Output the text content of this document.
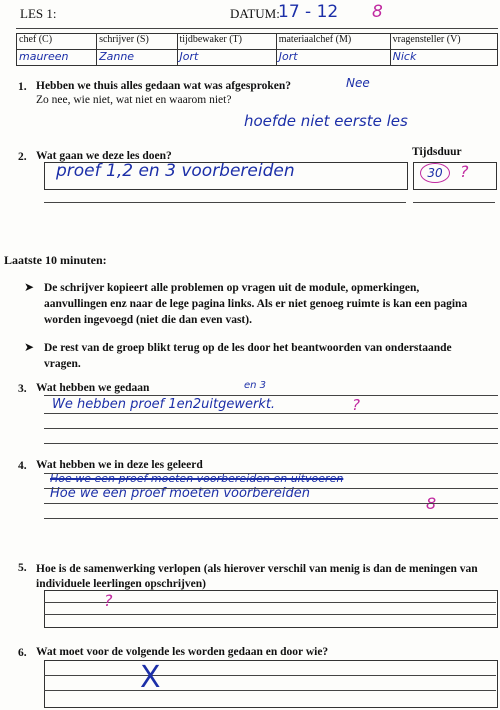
LES 1:	DATUM:
17 - 12 8
chef (C)	schrijver (S)	tijdbewaker (T)	materiaalchef (M)	vragensteller (V)
maureen	Zanne	Jort	Jort	Nick
1. Hebben we thuis alles gedaan wat was afgesproken?	Nee
Zo nee, wie niet, wat niet en waarom niet?
hoefde niet eerste les
2. Wat gaan we deze les doen?	Tijdsduur
proef 1,2 en 3 voorbereiden	30	?
Laatste 10 minuten:
➤ De schrijver kopieert alle problemen op vragen uit de module, opmerkingen, aanvullingen enz naar de lege pagina links. Als er niet genoeg ruimte is kan een pagina worden ingevoegd (niet die dan even vast).
➤ De rest van de groep blikt terug op de les door het beantwoorden van onderstaande vragen.
3. Wat hebben we gedaan	en 3
We hebben proef 1en2uitgewerkt.	?
4. Wat hebben we in deze les geleerd
Hoe we een proef moeten voorbereiden en uitvoeren
Hoe we een proef moeten voorbereiden
8
5. Hoe is de samenwerking verlopen (als hierover verschil van menig is dan de meningen van individuele leerlingen opschrijven)
?
6. Wat moet voor de volgende les worden gedaan en door wie?
X
